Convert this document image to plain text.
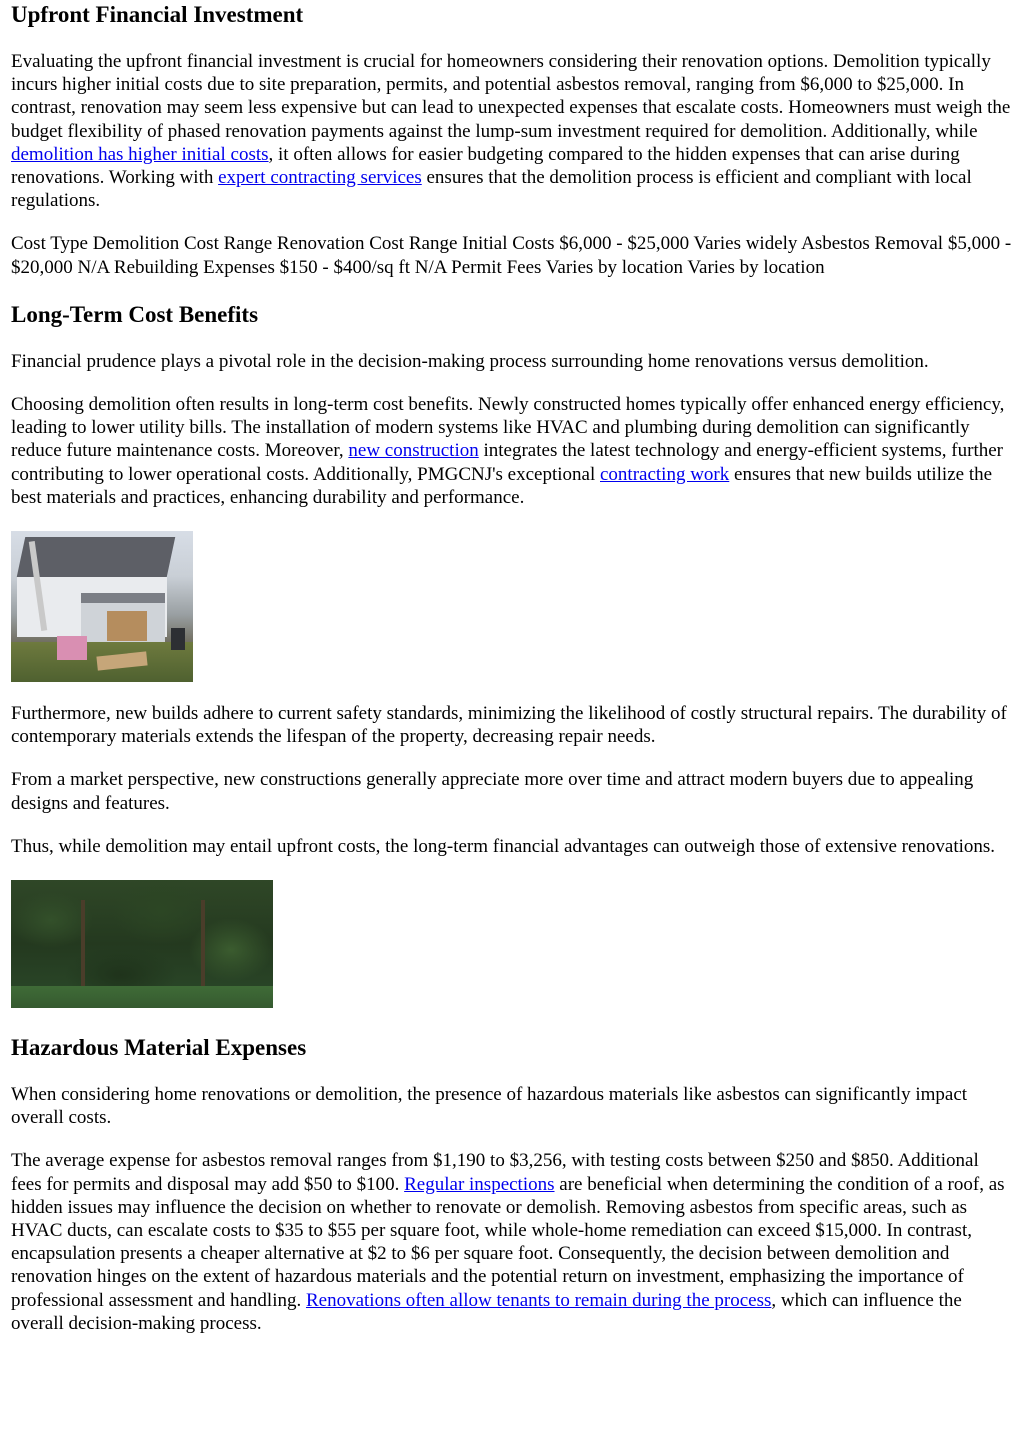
Upfront Financial Investment

Evaluating the upfront financial investment is crucial for homeowners considering their renovation options. Demolition typically incurs higher initial costs due to site preparation, permits, and potential asbestos removal, ranging from $6,000 to $25,000. In contrast, renovation may seem less expensive but can lead to unexpected expenses that escalate costs. Homeowners must weigh the budget flexibility of phased renovation payments against the lump-sum investment required for demolition. Additionally, while demolition has higher initial costs, it often allows for easier budgeting compared to the hidden expenses that can arise during renovations. Working with expert contracting services ensures that the demolition process is efficient and compliant with local regulations.

Cost Type Demolition Cost Range Renovation Cost Range Initial Costs $6,000 - $25,000 Varies widely Asbestos Removal $5,000 - $20,000 N/A Rebuilding Expenses $150 - $400/sq ft N/A Permit Fees Varies by location Varies by location

Long-Term Cost Benefits

Financial prudence plays a pivotal role in the decision-making process surrounding home renovations versus demolition.

Choosing demolition often results in long-term cost benefits. Newly constructed homes typically offer enhanced energy efficiency, leading to lower utility bills. The installation of modern systems like HVAC and plumbing during demolition can significantly reduce future maintenance costs. Moreover, new construction integrates the latest technology and energy-efficient systems, further contributing to lower operational costs. Additionally, PMGCNJ's exceptional contracting work ensures that new builds utilize the best materials and practices, enhancing durability and performance.

Furthermore, new builds adhere to current safety standards, minimizing the likelihood of costly structural repairs. The durability of contemporary materials extends the lifespan of the property, decreasing repair needs.

From a market perspective, new constructions generally appreciate more over time and attract modern buyers due to appealing designs and features.

Thus, while demolition may entail upfront costs, the long-term financial advantages can outweigh those of extensive renovations.

Hazardous Material Expenses

When considering home renovations or demolition, the presence of hazardous materials like asbestos can significantly impact overall costs.

The average expense for asbestos removal ranges from $1,190 to $3,256, with testing costs between $250 and $850. Additional fees for permits and disposal may add $50 to $100. Regular inspections are beneficial when determining the condition of a roof, as hidden issues may influence the decision on whether to renovate or demolish. Removing asbestos from specific areas, such as HVAC ducts, can escalate costs to $35 to $55 per square foot, while whole-home remediation can exceed $15,000. In contrast, encapsulation presents a cheaper alternative at $2 to $6 per square foot. Consequently, the decision between demolition and renovation hinges on the extent of hazardous materials and the potential return on investment, emphasizing the importance of professional assessment and handling. Renovations often allow tenants to remain during the process, which can influence the overall decision-making process.
